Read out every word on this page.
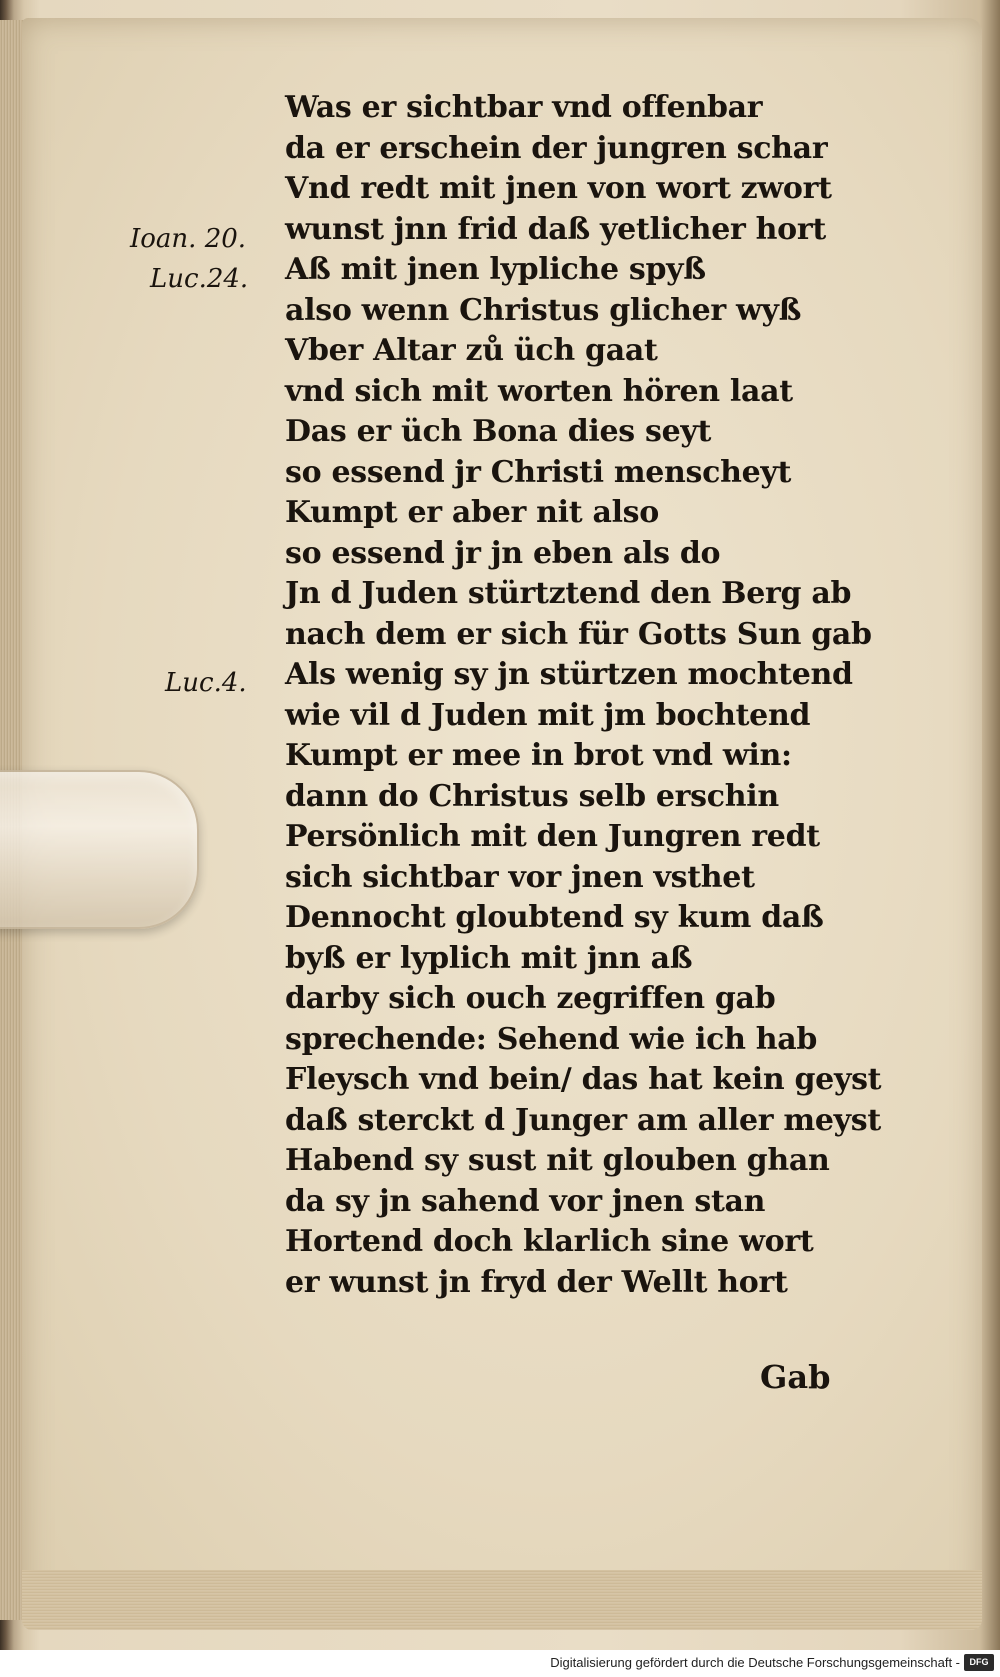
Ioan. 20.
Luc.24.
Luc.4.
Was er sichtbar vnd offenbar
da er erschein der jungren schar
Vnd redt mit jnen von wort zwort
wunst jnn frid daß yetlicher hort
Aß mit jnen lypliche spyß
also wenn Christus glicher wyß
Vber Altar zů üch gaat
vnd sich mit worten hören laat
Das er üch Bona dies seyt
so essend jr Christi menscheyt
Kumpt er aber nit also
so essend jr jn eben als do
Jn d Juden stürtztend den Berg ab
nach dem er sich für Gotts Sun gab
Als wenig sy jn stürtzen mochtend
wie vil d Juden mit jm bochtend
Kumpt er mee in brot vnd win:
dann do Christus selb erschin
Persönlich mit den Jungren redt
sich sichtbar vor jnen vsthet
Dennocht gloubtend sy kum daß
byß er lyplich mit jnn aß
darby sich ouch zegriffen gab
sprechende: Sehend wie ich hab
Fleysch vnd bein/ das hat kein geyst
daß sterckt d Junger am aller meyst
Habend sy sust nit glouben ghan
da sy jn sahend vor jnen stan
Hortend doch klarlich sine wort
er wunst jn fryd der Wellt hort
Gab
Digitalisierung gefördert durch die Deutsche Forschungsgemeinschaft -	DFG
